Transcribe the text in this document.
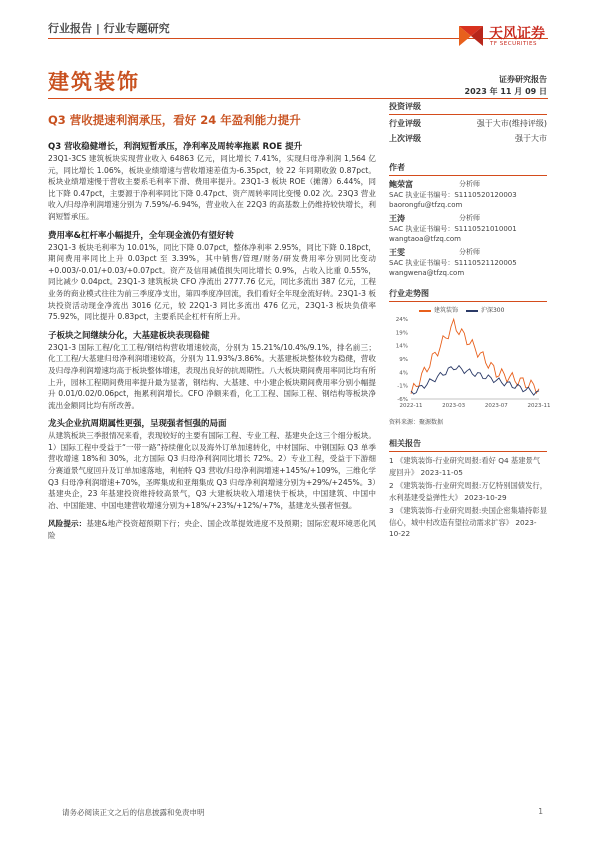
行业报告 | 行业专题研究	天风证券
TF SECURITIES
建筑装饰	证券研究报告
2023 年 11 月 09 日
Q3 营收提速利润承压，看好 24 年盈利能力提升

Q3 营收稳健增长，利润短暂承压，净利率及周转率拖累 ROE 提升

23Q1-3CS 建筑板块实现营业收入 64863 亿元，同比增长 7.41%，实现归母净利润 1,564 亿元，同比增长 1.06%，板块业绩增速与营收增速差值为-6.35pct，较 22 年同期收敛 0.87pct。板块业绩增速慢于营收主要系毛利率下滑、费用率提升。23Q1-3 板块 ROE（摊薄）6.44%，同比下降 0.47pct，主要源于净利率同比下降 0.47pct、资产周转率同比变慢 0.02 次。23Q3 营业收入/归母净利润增速分别为 7.59%/-6.94%，营业收入在 22Q3 的高基数上仍维持较快增长，利润短暂承压。

费用率&杠杆率小幅提升，全年现金流仍有望好转

23Q1-3 板块毛利率为 10.01%，同比下降 0.07pct，整体净利率 2.95%，同比下降 0.18pct，期间费用率同比上升 0.03pct 至 3.39%，其中销售/管理/财务/研发费用率分别同比变动+0.003/-0.01/+0.03/+0.07pct。资产及信用减值损失同比增长 0.9%，占收入比重 0.55%，同比减少 0.04pct。23Q1-3 建筑板块 CFO 净流出 2777.76 亿元，同比多流出 387 亿元，工程业务的商业模式往往为前三季度净支出，第四季度净回流，我们看好全年现金流好转。23Q1-3 板块投资活动现金净流出 3016 亿元，较 22Q1-3 同比多流出 476 亿元，23Q1-3 板块负债率 75.92%，同比提升 0.83pct，主要系民企杠杆有所上升。

子板块之间继续分化，大基建板块表现稳健

23Q1-3 国际工程/化工工程/钢结构营收增速较高，分别为 15.21%/10.4%/9.1%，排名前三；化工工程/大基建归母净利润增速较高，分别为 11.93%/3.86%。大基建板块整体较为稳健，营收及归母净利润增速均高于板块整体增速，表现出良好的抗周期性。八大板块期间费用率同比均有所上升，园林工程期间费用率提升最为显著，钢结构、大基建、中小建企板块期间费用率分别小幅提升 0.01/0.02/0.06pct，拖累利润增长。CFO 净额来看，化工工程、国际工程、钢结构等板块净流出金额同比均有所改善。

龙头企业抗周期属性更强，呈现强者恒强的局面

从建筑板块三季报情况来看，表现较好的主要有国际工程、专业工程、基建央企这三个细分板块。1）国际工程中受益于“一带一路”持续催化以及海外订单加速转化，中材国际、中钢国际 Q3 单季营收增速 18%和 30%，北方国际 Q3 归母净利润同比增长 72%。2）专业工程，受益于下游细分赛道景气度回升及订单加速落地，利柏特 Q3 营收/归母净利润增速+145%/+109%，三维化学 Q3 归母净利润增速+70%，圣晖集成和亚翔集成 Q3 归母净利润增速分别为+29%/+245%。3）基建央企，23 年基建投资维持较高景气，Q3 大建板块收入增速快于板块，中国建筑、中国中冶、中国能建、中国电建营收增速分别为+18%/+23%/+12%/+7%，基建龙头强者恒强。

风险提示：基建&地产投资超预期下行；央企、国企改革提效进度不及预期；国际宏观环境恶化风险

投资评级
行业评级	强于大市(维持评级)
上次评级	强于大市
作者
鲍荣富	分析师
SAC 执业证书编号：S1110520120003
baorongfu@tfzq.com
王涛	分析师
SAC 执业证书编号：S1110521010001
wangtaoa@tfzq.com
王雯	分析师
SAC 执业证书编号：S1110521120005
wangwena@tfzq.com
行业走势图
建筑装饰	沪深300
24%
19%
14%
9%
4%
-1%
-6%
2022-11	2023-03	2023-07	2023-11
资料来源：聚源数据
相关报告
1 《建筑装饰-行业研究周报:看好 Q4 基建景气度回升》 2023-11-05
2 《建筑装饰-行业研究周报:万亿特别国债发行，水利基建受益弹性大》 2023-10-29
3 《建筑装饰-行业研究周报:央国企密集墙持彰显信心，城中村改造有望拉动需求扩容》 2023-10-22
请务必阅读正文之后的信息披露和免责申明	1
